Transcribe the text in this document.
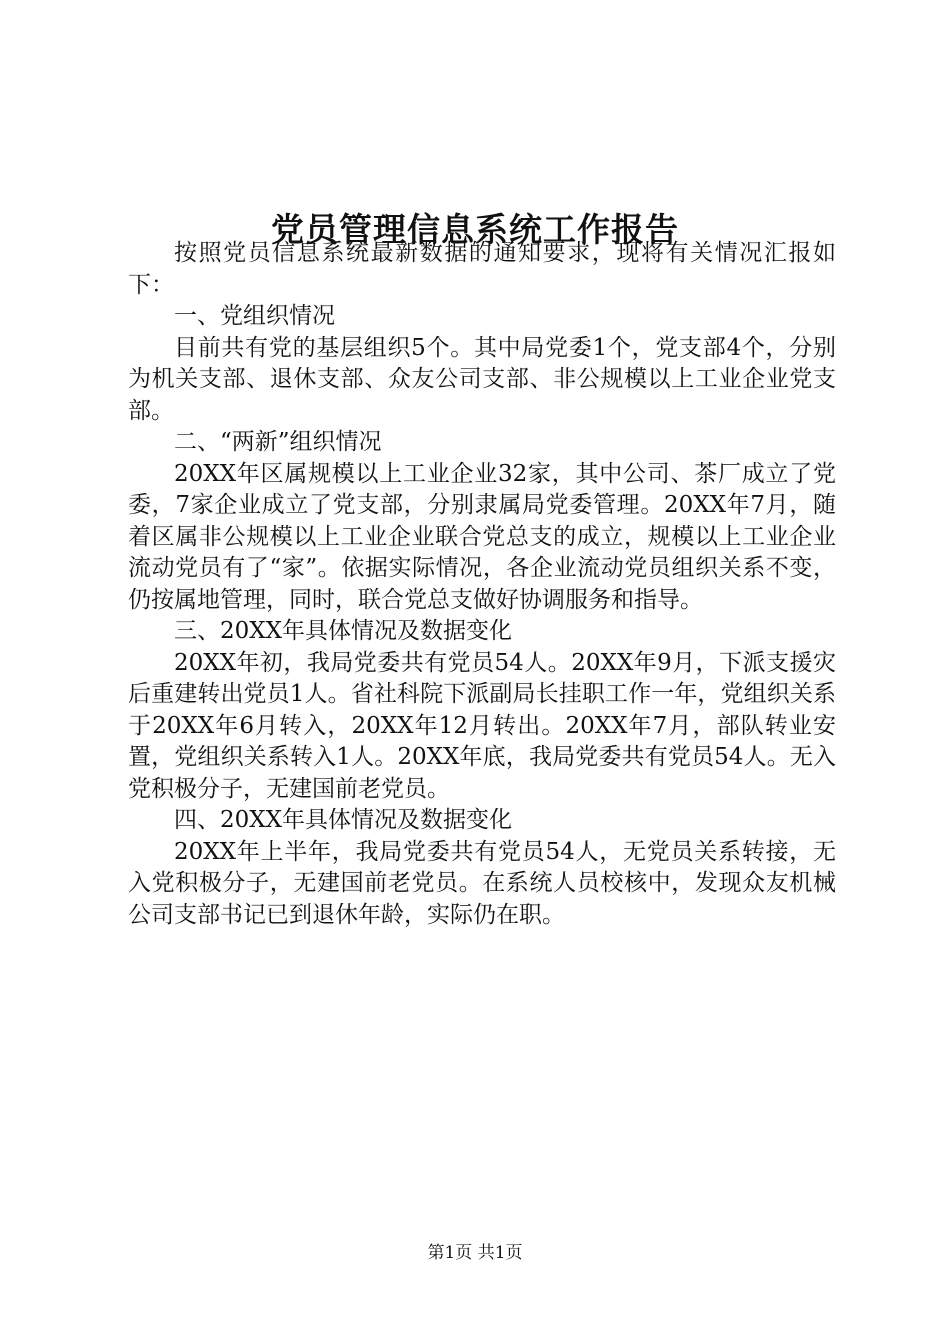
党员管理信息系统工作报告

按照党员信息系统最新数据的通知要求，现将有关情况汇报如下：

一、党组织情况

目前共有党的基层组织5个。其中局党委1个，党支部4个，分别为机关支部、退休支部、众友公司支部、非公规模以上工业企业党支部。

二、“两新”组织情况

20XX年区属规模以上工业企业32家，其中公司、茶厂成立了党委，7家企业成立了党支部，分别隶属局党委管理。20XX年7月，随着区属非公规模以上工业企业联合党总支的成立，规模以上工业企业流动党员有了“家”。依据实际情况，各企业流动党员组织关系不变，仍按属地管理，同时，联合党总支做好协调服务和指导。

三、20XX年具体情况及数据变化

20XX年初，我局党委共有党员54人。20XX年9月，下派支援灾后重建转出党员1人。省社科院下派副局长挂职工作一年，党组织关系于20XX年6月转入，20XX年12月转出。20XX年7月，部队转业安置，党组织关系转入1人。20XX年底，我局党委共有党员54人。无入党积极分子，无建国前老党员。

四、20XX年具体情况及数据变化

20XX年上半年，我局党委共有党员54人，无党员关系转接，无入党积极分子，无建国前老党员。在系统人员校核中，发现众友机械公司支部书记已到退休年龄，实际仍在职。

第1页 共1页
